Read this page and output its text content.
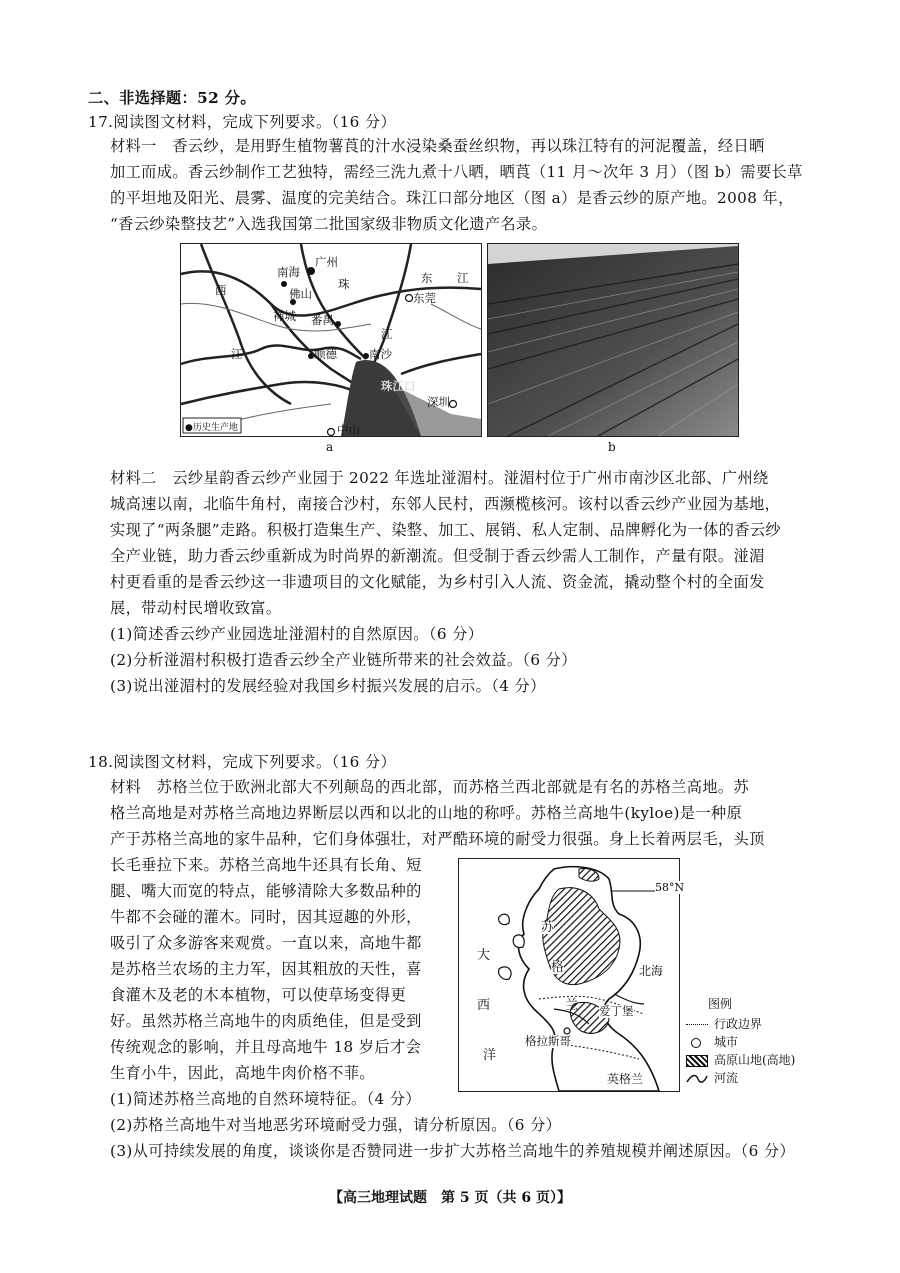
二、非选择题：52 分。
17.阅读图文材料，完成下列要求。（16 分）
材料一　香云纱，是用野生植物薯莨的汁水浸染桑蚕丝织物，再以珠江特有的河泥覆盖，经日晒
加工而成。香云纱制作工艺独特，需经三洗九煮十八晒，晒莨（11 月～次年 3 月）（图 b）需要长草
的平坦地及阳光、晨雾、温度的完美结合。珠江口部分地区（图 a）是香云纱的原产地。2008 年，
“香云纱染整技艺”入选我国第二批国家级非物质文化遗产名录。
广州
南海
珠	东 江
佛山
西
东莞
禅城 番禺
江
江	顺德	南沙
珠江口
深圳
中山
●历史生产地
a	b
材料二　云纱星韵香云纱产业园于 2022 年选址湴湄村。湴湄村位于广州市南沙区北部、广州绕
城高速以南，北临牛角村，南接合沙村，东邻人民村，西濒榄核河。该村以香云纱产业园为基地，
实现了“两条腿”走路。积极打造集生产、染整、加工、展销、私人定制、品牌孵化为一体的香云纱
全产业链，助力香云纱重新成为时尚界的新潮流。但受制于香云纱需人工制作，产量有限。湴湄
村更看重的是香云纱这一非遗项目的文化赋能，为乡村引入人流、资金流，撬动整个村的全面发
展，带动村民增收致富。
(1)简述香云纱产业园选址湴湄村的自然原因。（6 分）
(2)分析湴湄村积极打造香云纱全产业链所带来的社会效益。（6 分）
(3)说出湴湄村的发展经验对我国乡村振兴发展的启示。（4 分）
18.阅读图文材料，完成下列要求。（16 分）
材料　苏格兰位于欧洲北部大不列颠岛的西北部，而苏格兰西北部就是有名的苏格兰高地。苏
格兰高地是对苏格兰高地边界断层以西和以北的山地的称呼。苏格兰高地牛(kyloe)是一种原
产于苏格兰高地的家牛品种，它们身体强壮，对严酷环境的耐受力很强。身上长着两层毛，头顶
长毛垂拉下来。苏格兰高地牛还具有长角、短
腿、嘴大而宽的特点，能够清除大多数品种的
牛都不会碰的灌木。同时，因其逗趣的外形，
吸引了众多游客来观赏。一直以来，高地牛都
是苏格兰农场的主力军，因其粗放的天性，喜
食灌木及老的木本植物，可以使草场变得更
好。虽然苏格兰高地牛的肉质绝佳，但是受到
传统观念的影响，并且母高地牛 18 岁后才会
生育小牛，因此，高地牛肉价格不菲。
58°N
苏
格
兰
大
西
洋
北海
爱丁堡
格拉斯哥
英格兰
图例
行政边界
城市
高原山地(高地)
河流
(1)简述苏格兰高地的自然环境特征。（4 分）
(2)苏格兰高地牛对当地恶劣环境耐受力强，请分析原因。（6 分）
(3)从可持续发展的角度，谈谈你是否赞同进一步扩大苏格兰高地牛的养殖规模并阐述原因。（6 分）
【高三地理试题　第 5 页（共 6 页）】
